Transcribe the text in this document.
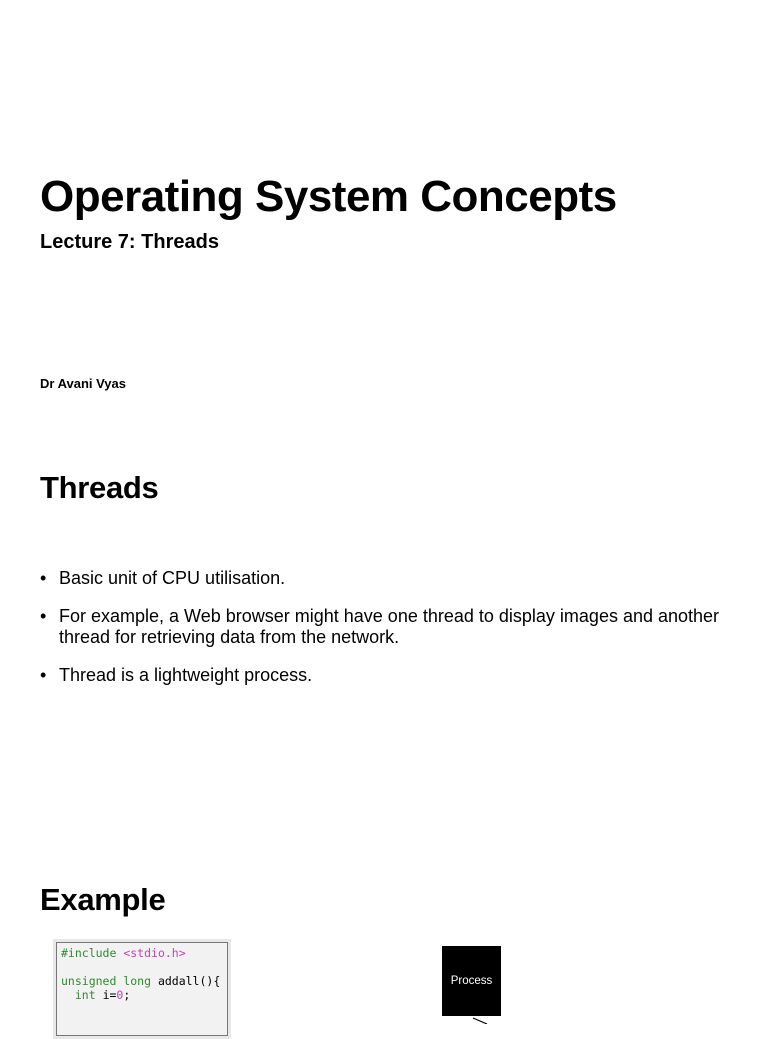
Operating System Concepts
Lecture 7: Threads
Dr Avani Vyas
Threads
• Basic unit of CPU utilisation.
• For example, a Web browser might have one thread to display images and another thread for retrieving data from the network.
• Thread is a lightweight process.
Example
#include <stdio.h>

unsigned long addall(){
int i=0;
Process
